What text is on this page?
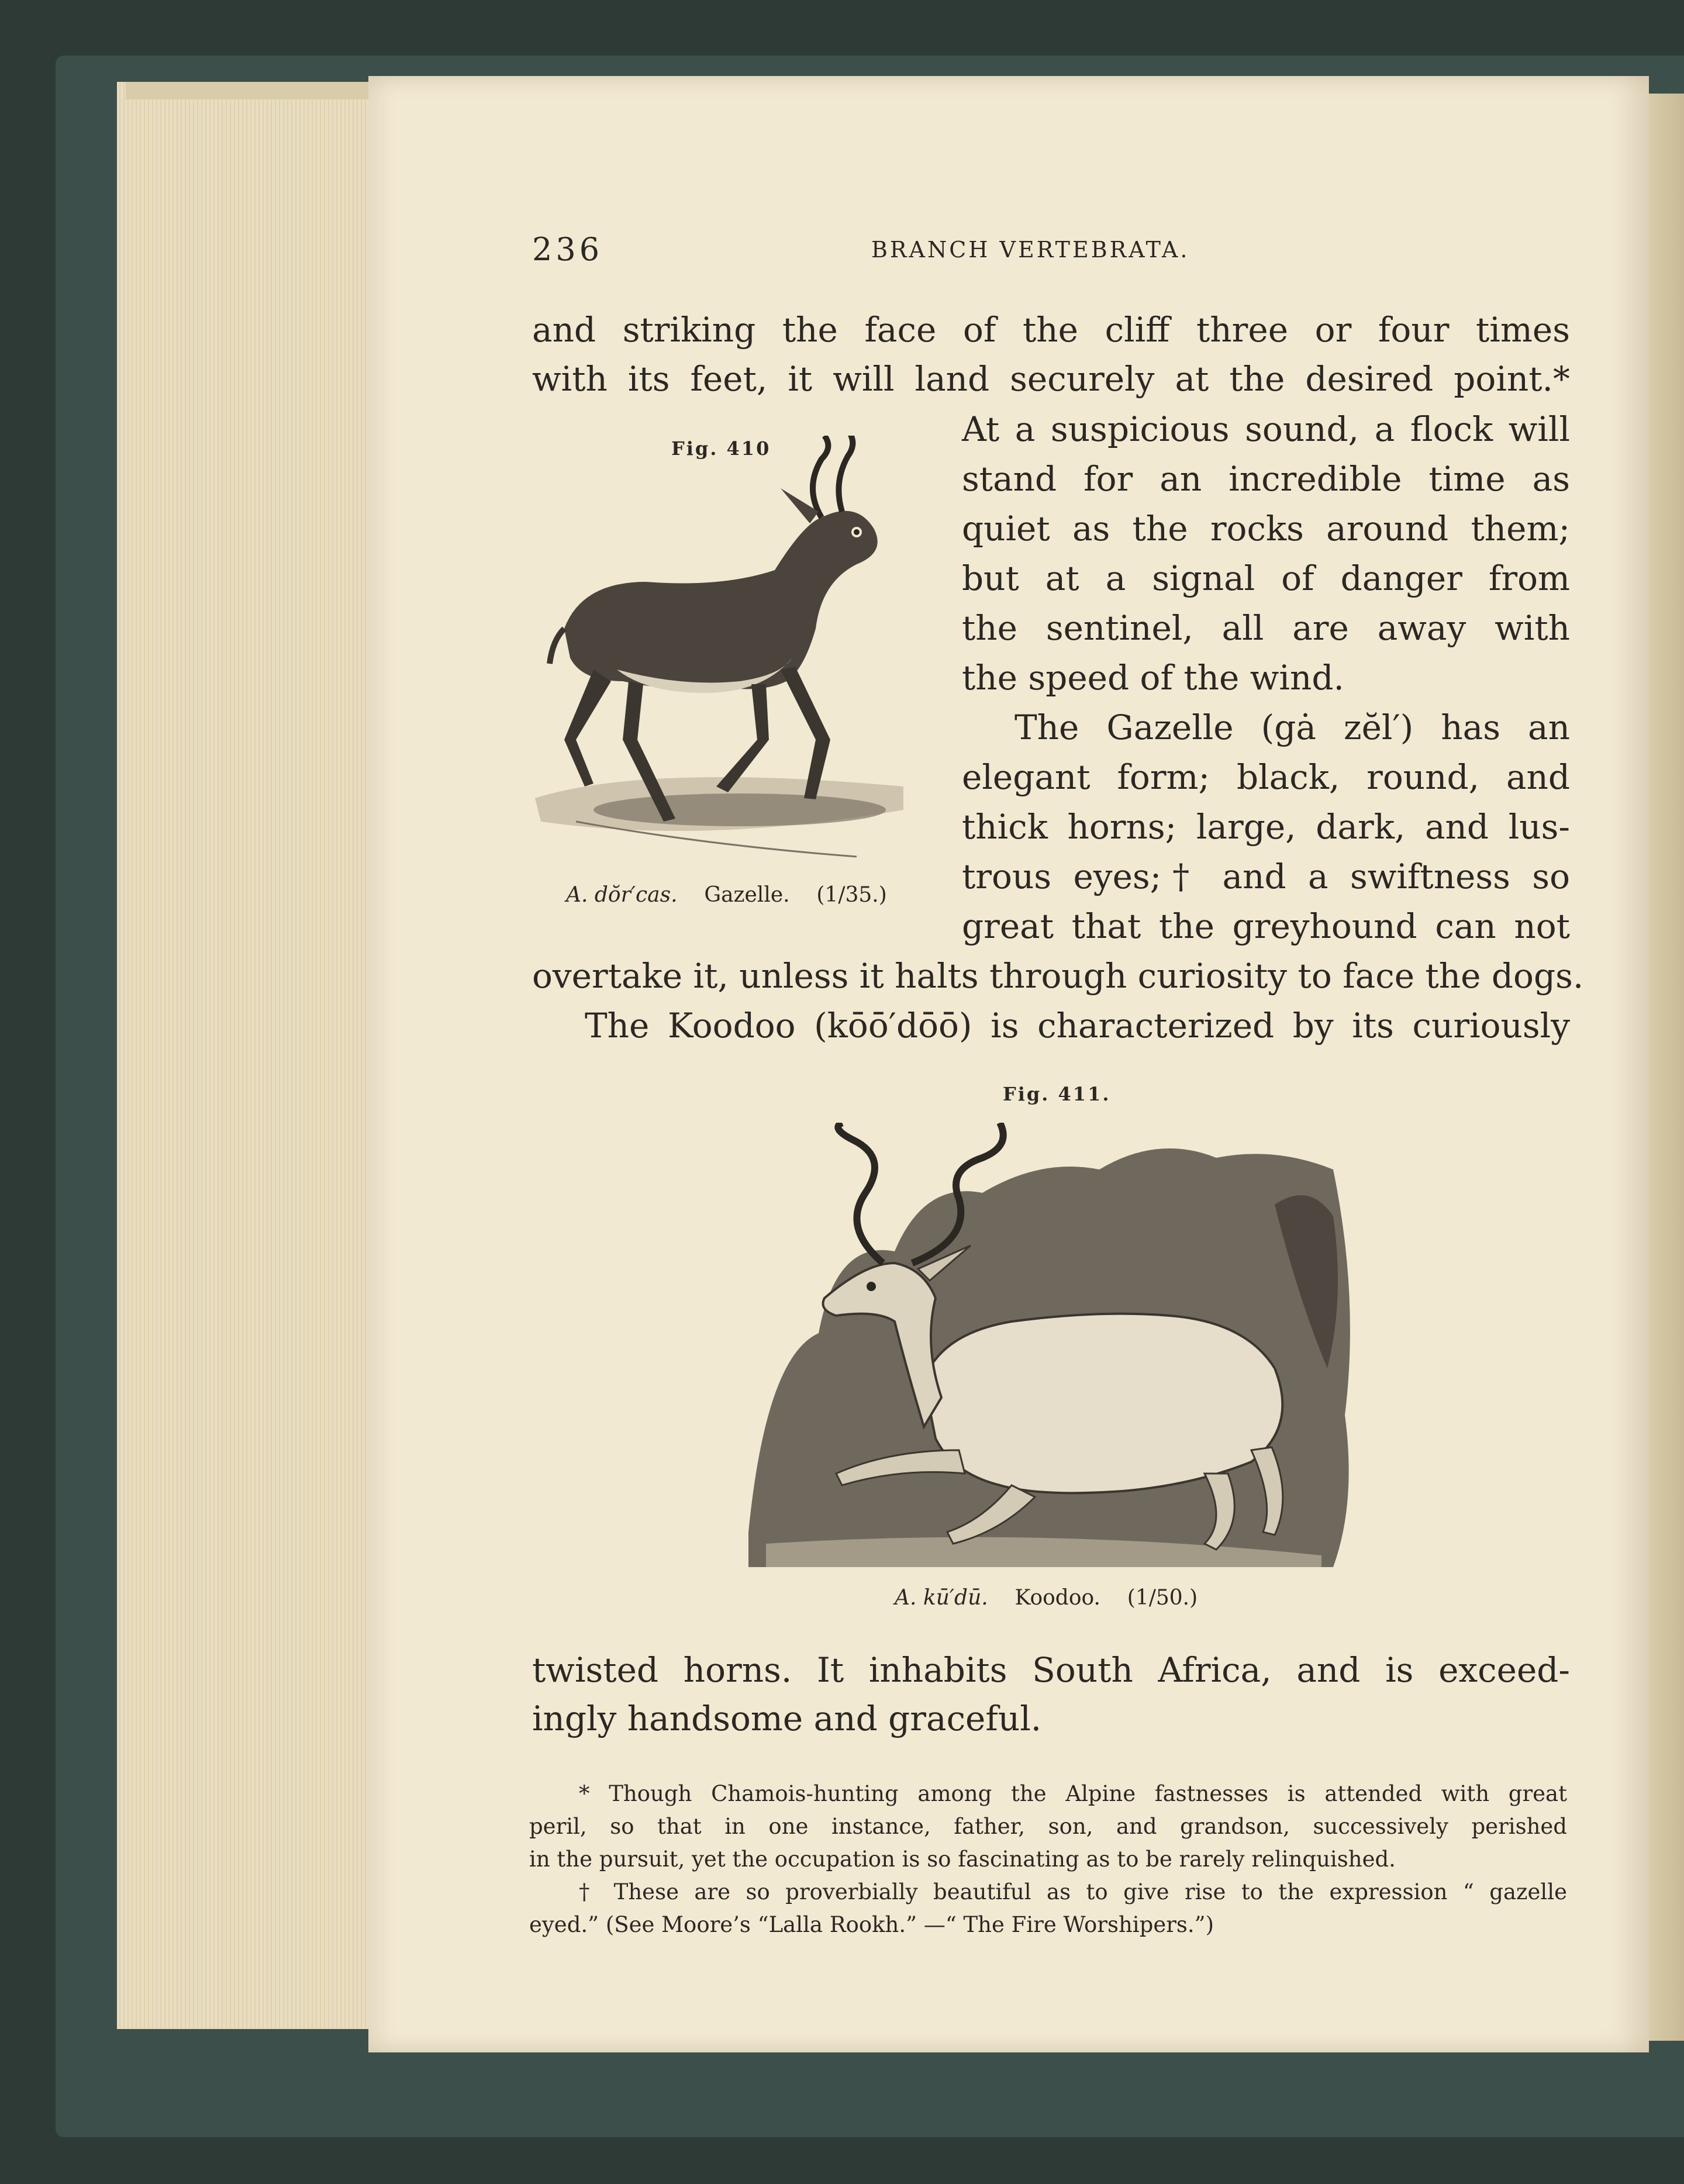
236	BRANCH VERTEBRATA.
and striking the face of the cliff three or four times
with its feet, it will land securely at the desired point.*
At a suspicious sound, a flock will
stand for an incredible time as
quiet as the rocks around them;
but at a signal of danger from
the sentinel, all are away with
the speed of the wind.
The Gazelle (gȧ zĕl′) has an
elegant form; black, round, and
thick horns; large, dark, and lus-
trous eyes;† and a swiftness so
great that the greyhound can not
overtake it, unless it halts through curiosity to face the dogs.
The Koodoo (kōō′dōō) is characterized by its curiously
Fig. 410
A. dŏr′cas. Gazelle. (1/35.)
Fig. 411.
A. kū′dū. Koodoo. (1/50.)
twisted horns. It inhabits South Africa, and is exceed-
ingly handsome and graceful.
* Though Chamois-hunting among the Alpine fastnesses is attended with great
peril, so that in one instance, father, son, and grandson, successively perished
in the pursuit, yet the occupation is so fascinating as to be rarely relinquished.
† These are so proverbially beautiful as to give rise to the expression “ gazelle
eyed.” (See Moore’s “Lalla Rookh.” —“ The Fire Worshipers.”)
